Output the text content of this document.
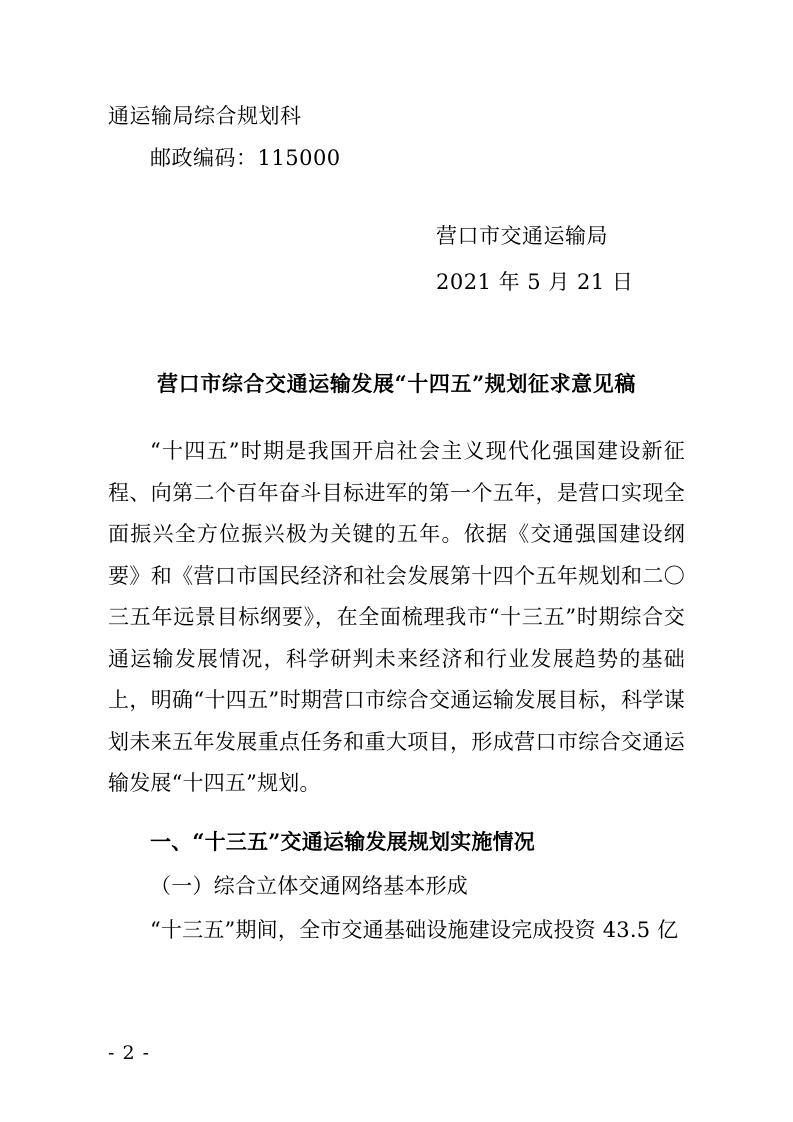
通运输局综合规划科
邮政编码：115000
营口市交通运输局
2021 年 5 月 21 日
营口市综合交通运输发展“十四五”规划征求意见稿
“十四五”时期是我国开启社会主义现代化强国建设新征程、向第二个百年奋斗目标进军的第一个五年，是营口实现全面振兴全方位振兴极为关键的五年。依据《交通强国建设纲要》和《营口市国民经济和社会发展第十四个五年规划和二〇三五年远景目标纲要》，在全面梳理我市“十三五”时期综合交通运输发展情况，科学研判未来经济和行业发展趋势的基础上，明确“十四五”时期营口市综合交通运输发展目标，科学谋划未来五年发展重点任务和重大项目，形成营口市综合交通运输发展“十四五”规划。
一、“十三五”交通运输发展规划实施情况
（一）综合立体交通网络基本形成
“十三五”期间，全市交通基础设施建设完成投资 43.5 亿
- 2 -
